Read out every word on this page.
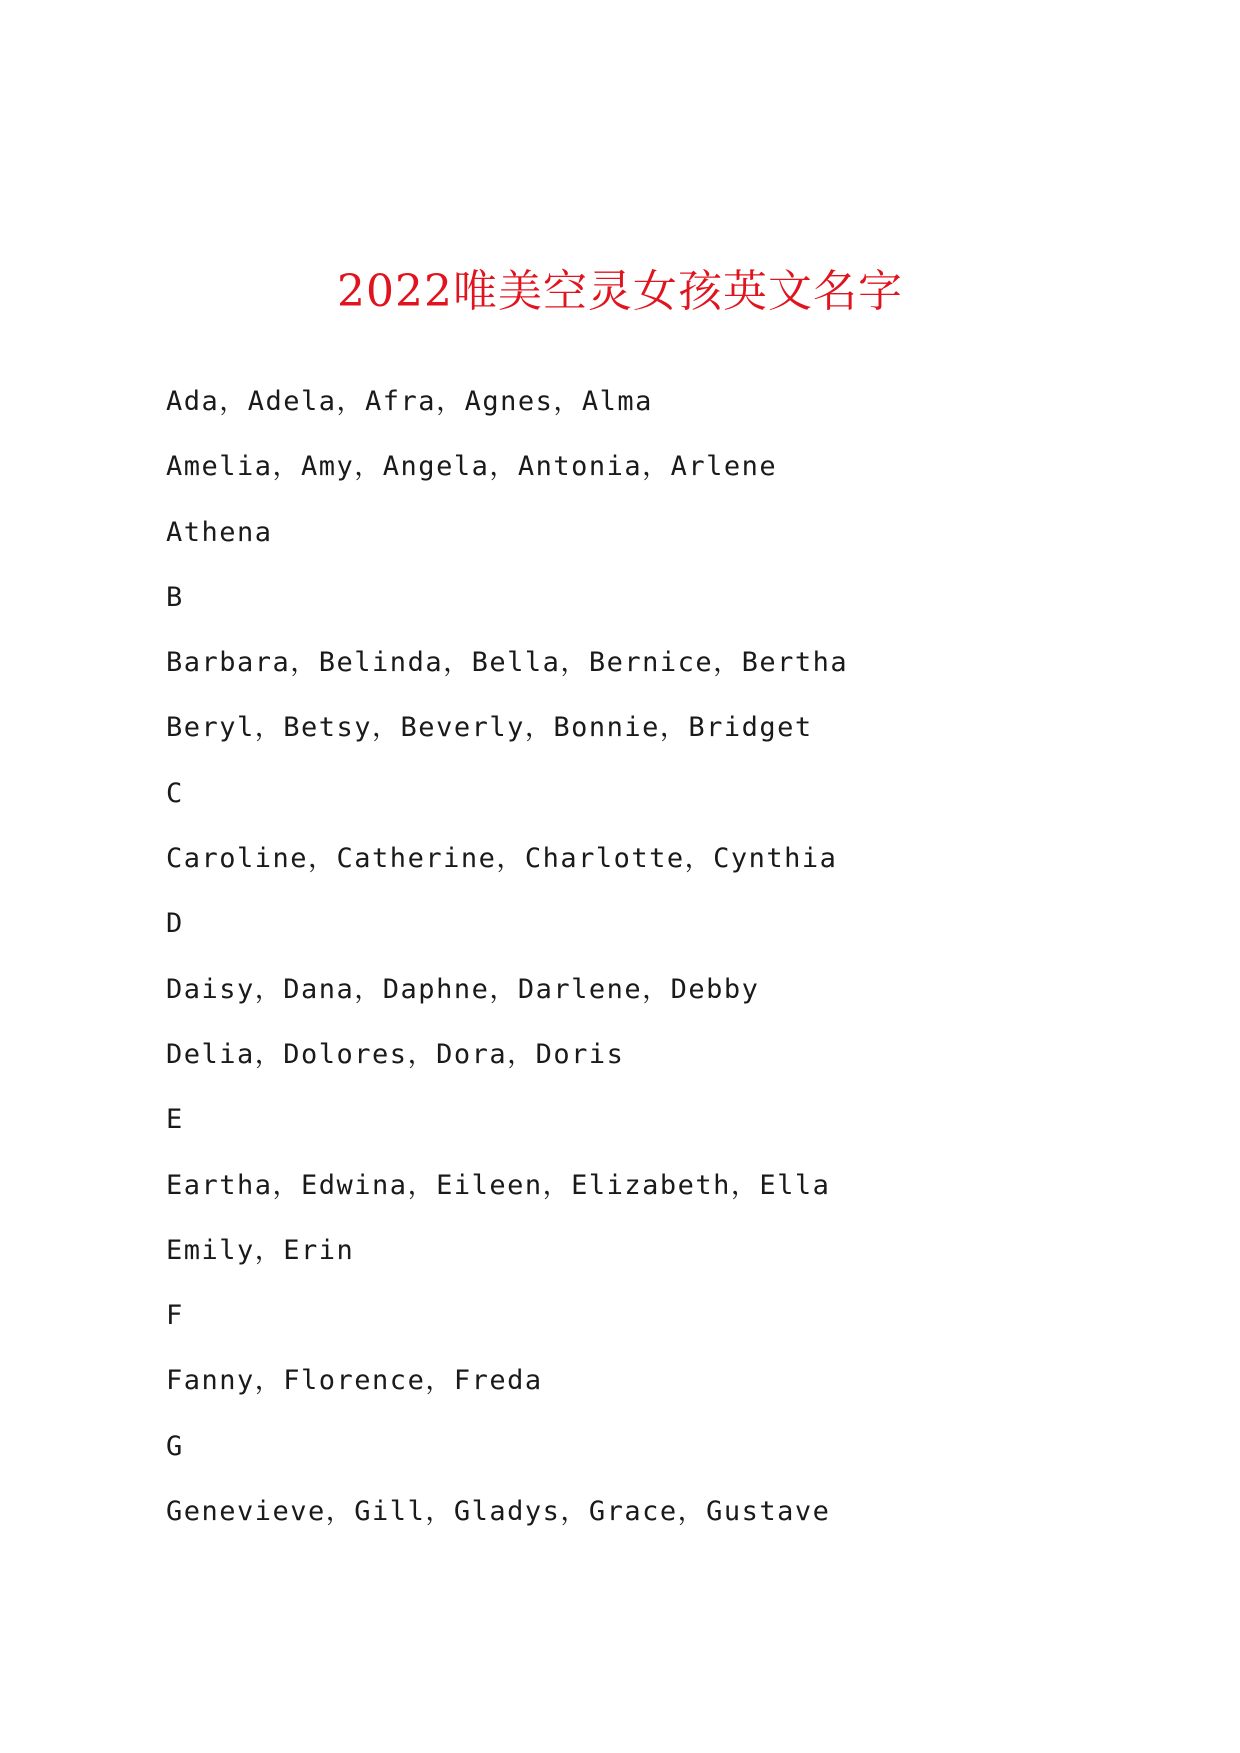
2022唯美空灵女孩英文名字
Ada，Adela，Afra，Agnes，Alma
Amelia，Amy，Angela，Antonia，Arlene
Athena
B
Barbara，Belinda，Bella，Bernice，Bertha
Beryl，Betsy，Beverly，Bonnie，Bridget
C
Caroline，Catherine，Charlotte，Cynthia
D
Daisy，Dana，Daphne，Darlene，Debby
Delia，Dolores，Dora，Doris
E
Eartha，Edwina，Eileen，Elizabeth，Ella
Emily，Erin
F
Fanny，Florence，Freda
G
Genevieve，Gill，Gladys，Grace，Gustave
